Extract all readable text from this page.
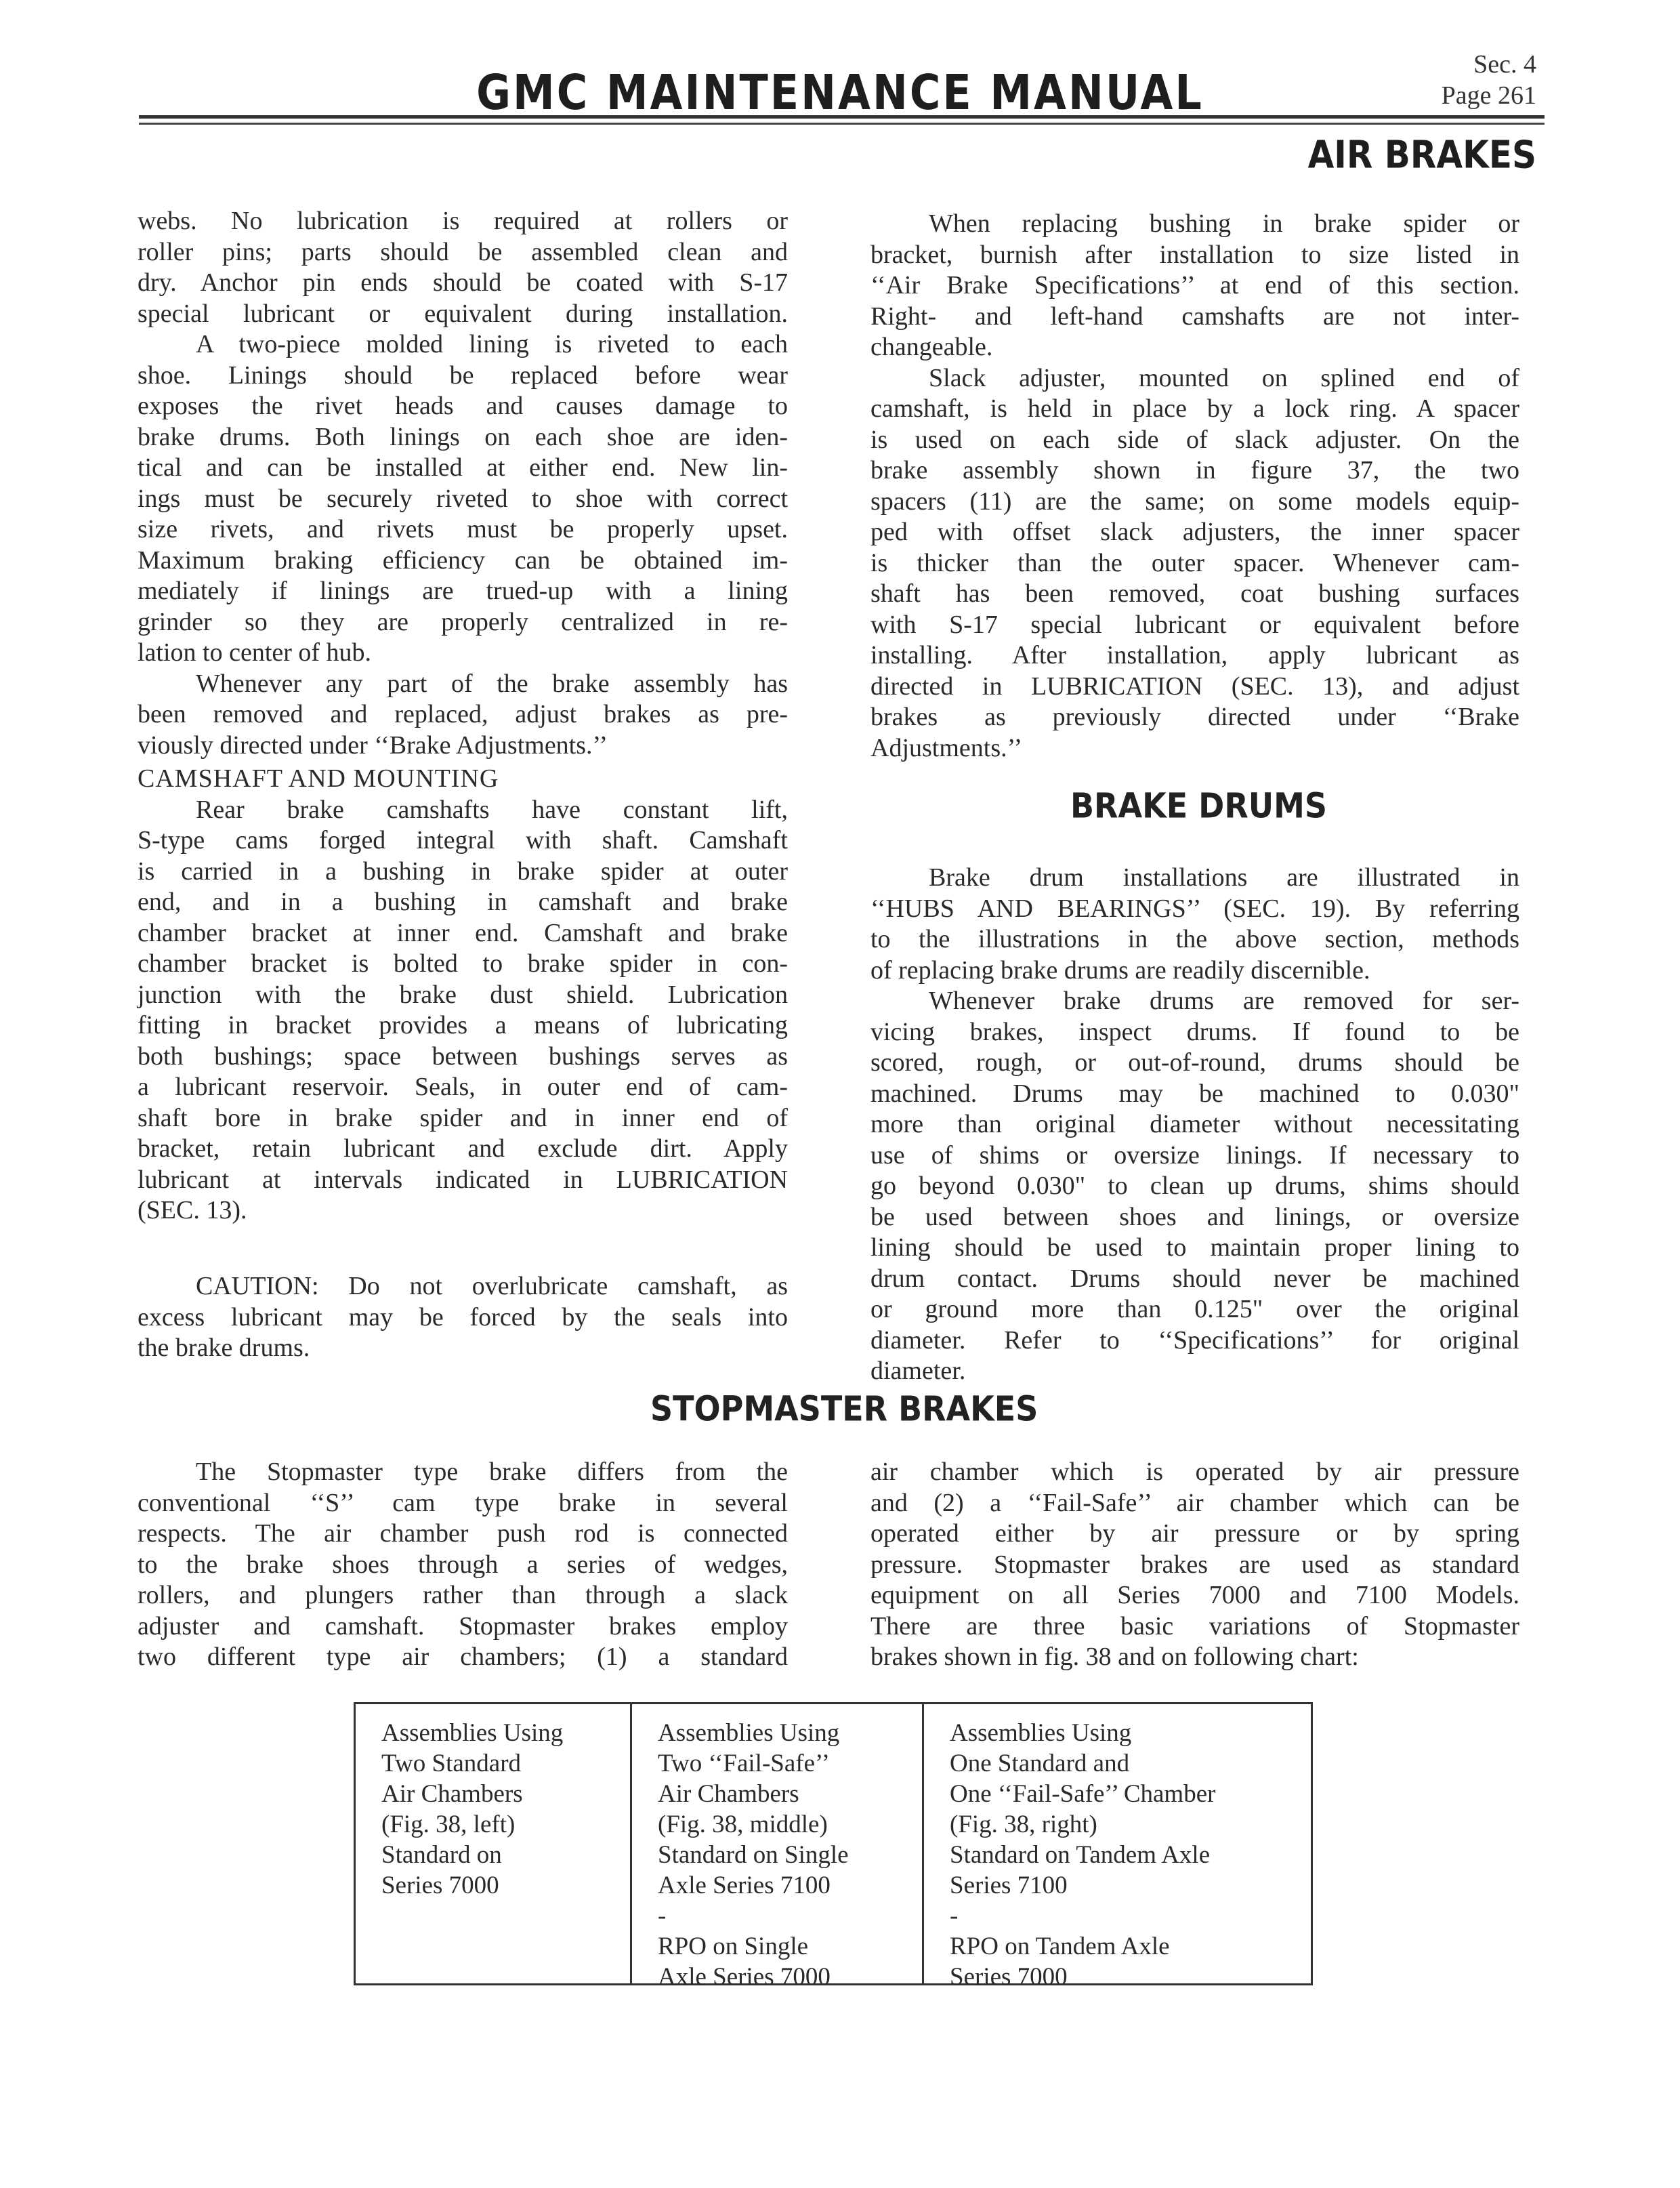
GMC MAINTENANCE MANUAL	Sec. 4
Page 261
AIR BRAKES
webs. No lubrication is required at rollers or
roller pins; parts should be assembled clean and
dry. Anchor pin ends should be coated with S-17
special lubricant or equivalent during installation.
A two-piece molded lining is riveted to each
shoe. Linings should be replaced before wear
exposes the rivet heads and causes damage to
brake drums. Both linings on each shoe are iden-
tical and can be installed at either end. New lin-
ings must be securely riveted to shoe with correct
size rivets, and rivets must be properly upset.
Maximum braking efficiency can be obtained im-
mediately if linings are trued-up with a lining
grinder so they are properly centralized in re-
lation to center of hub.
Whenever any part of the brake assembly has
been removed and replaced, adjust brakes as pre-
viously directed under ‘‘Brake Adjustments.’’
CAMSHAFT AND MOUNTING
Rear brake camshafts have constant lift,
S-type cams forged integral with shaft. Camshaft
is carried in a bushing in brake spider at outer
end, and in a bushing in camshaft and brake
chamber bracket at inner end. Camshaft and brake
chamber bracket is bolted to brake spider in con-
junction with the brake dust shield. Lubrication
fitting in bracket provides a means of lubricating
both bushings; space between bushings serves as
a lubricant reservoir. Seals, in outer end of cam-
shaft bore in brake spider and in inner end of
bracket, retain lubricant and exclude dirt. Apply
lubricant at intervals indicated in LUBRICATION
(SEC. 13).
CAUTION: Do not overlubricate camshaft, as
excess lubricant may be forced by the seals into
the brake drums.
When replacing bushing in brake spider or
bracket, burnish after installation to size listed in
‘‘Air Brake Specifications’’ at end of this section.
Right- and left-hand camshafts are not inter-
changeable.
Slack adjuster, mounted on splined end of
camshaft, is held in place by a lock ring. A spacer
is used on each side of slack adjuster. On the
brake assembly shown in figure 37, the two
spacers (11) are the same; on some models equip-
ped with offset slack adjusters, the inner spacer
is thicker than the outer spacer. Whenever cam-
shaft has been removed, coat bushing surfaces
with S-17 special lubricant or equivalent before
installing. After installation, apply lubricant as
directed in LUBRICATION (SEC. 13), and adjust
brakes as previously directed under ‘‘Brake
Adjustments.’’
BRAKE DRUMS
Brake drum installations are illustrated in
‘‘HUBS AND BEARINGS’’ (SEC. 19). By referring
to the illustrations in the above section, methods
of replacing brake drums are readily discernible.
Whenever brake drums are removed for ser-
vicing brakes, inspect drums. If found to be
scored, rough, or out-of-round, drums should be
machined. Drums may be machined to 0.030"
more than original diameter without necessitating
use of shims or oversize linings. If necessary to
go beyond 0.030" to clean up drums, shims should
be used between shoes and linings, or oversize
lining should be used to maintain proper lining to
drum contact. Drums should never be machined
or ground more than 0.125" over the original
diameter. Refer to ‘‘Specifications’’ for original
diameter.
STOPMASTER BRAKES
The Stopmaster type brake differs from the
conventional ‘‘S’’ cam type brake in several
respects. The air chamber push rod is connected
to the brake shoes through a series of wedges,
rollers, and plungers rather than through a slack
adjuster and camshaft. Stopmaster brakes employ
two different type air chambers; (1) a standard
air chamber which is operated by air pressure
and (2) a ‘‘Fail-Safe’’ air chamber which can be
operated either by air pressure or by spring
pressure. Stopmaster brakes are used as standard
equipment on all Series 7000 and 7100 Models.
There are three basic variations of Stopmaster
brakes shown in fig. 38 and on following chart:
Assemblies Using
Two Standard
Air Chambers
(Fig. 38, left)
Standard on
Series 7000
Assemblies Using
Two ‘‘Fail-Safe’’
Air Chambers
(Fig. 38, middle)
Standard on Single
Axle Series 7100
-
RPO on Single
Axle Series 7000
Assemblies Using
One Standard and
One ‘‘Fail-Safe’’ Chamber
(Fig. 38, right)
Standard on Tandem Axle
Series 7100
-
RPO on Tandem Axle
Series 7000
